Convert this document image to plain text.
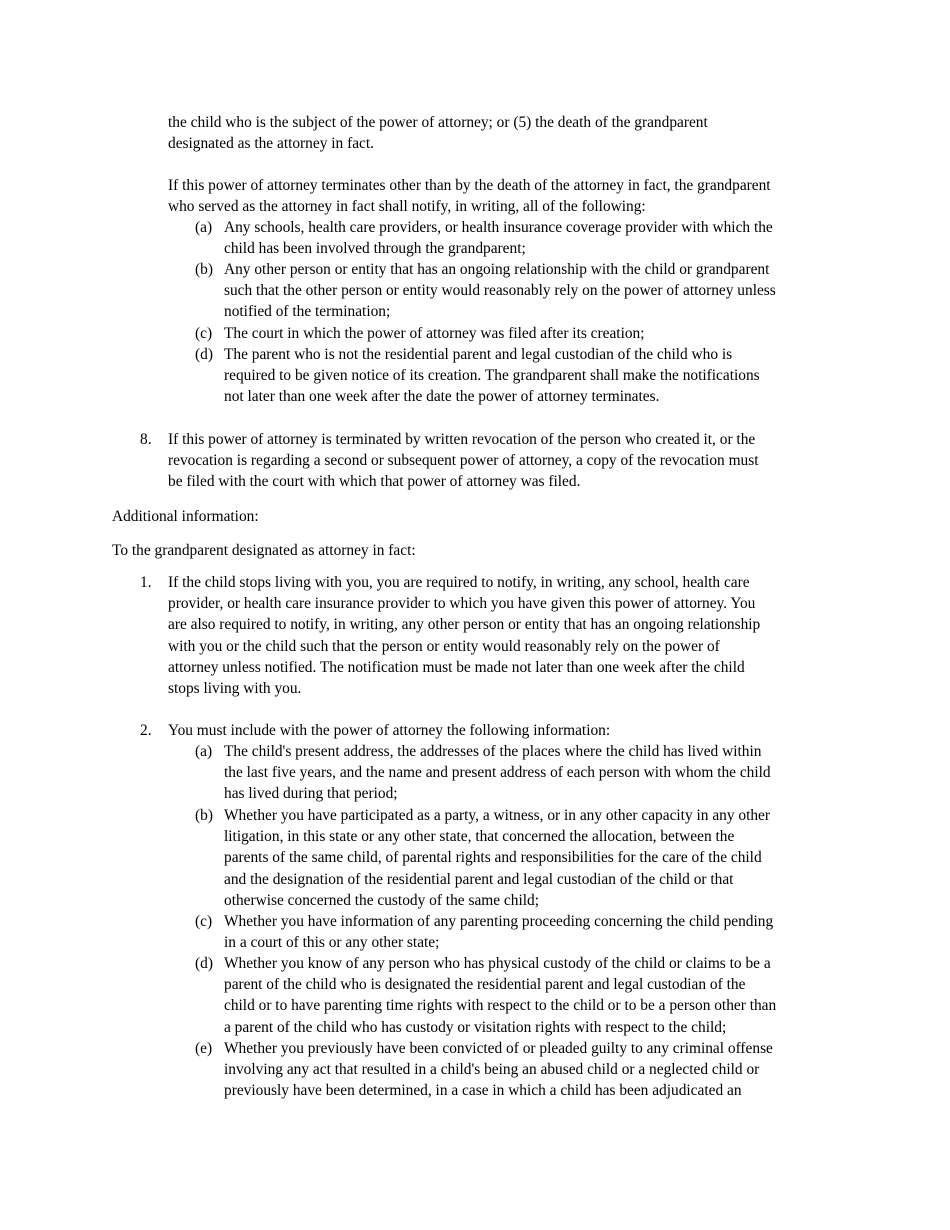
the child who is the subject of the power of attorney; or (5) the death of the grandparent
designated as the attorney in fact.

If this power of attorney terminates other than by the death of the attorney in fact, the grandparent
who served as the attorney in fact shall notify, in writing, all of the following:

(a) Any schools, health care providers, or health insurance coverage provider with which the
child has been involved through the grandparent;
(b) Any other person or entity that has an ongoing relationship with the child or grandparent
such that the other person or entity would reasonably rely on the power of attorney unless
notified of the termination;
(c) The court in which the power of attorney was filed after its creation;
(d) The parent who is not the residential parent and legal custodian of the child who is
required to be given notice of its creation. The grandparent shall make the notifications
not later than one week after the date the power of attorney terminates.
8. If this power of attorney is terminated by written revocation of the person who created it, or the
revocation is regarding a second or subsequent power of attorney, a copy of the revocation must
be filed with the court with which that power of attorney was filed.

Additional information:

To the grandparent designated as attorney in fact:

1. If the child stops living with you, you are required to notify, in writing, any school, health care
provider, or health care insurance provider to which you have given this power of attorney. You
are also required to notify, in writing, any other person or entity that has an ongoing relationship
with you or the child such that the person or entity would reasonably rely on the power of
attorney unless notified. The notification must be made not later than one week after the child
stops living with you.
2. You must include with the power of attorney the following information:
(a) The child's present address, the addresses of the places where the child has lived within
the last five years, and the name and present address of each person with whom the child
has lived during that period;
(b) Whether you have participated as a party, a witness, or in any other capacity in any other
litigation, in this state or any other state, that concerned the allocation, between the
parents of the same child, of parental rights and responsibilities for the care of the child
and the designation of the residential parent and legal custodian of the child or that
otherwise concerned the custody of the same child;
(c) Whether you have information of any parenting proceeding concerning the child pending
in a court of this or any other state;
(d) Whether you know of any person who has physical custody of the child or claims to be a
parent of the child who is designated the residential parent and legal custodian of the
child or to have parenting time rights with respect to the child or to be a person other than
a parent of the child who has custody or visitation rights with respect to the child;
(e) Whether you previously have been convicted of or pleaded guilty to any criminal offense
involving any act that resulted in a child's being an abused child or a neglected child or
previously have been determined, in a case in which a child has been adjudicated an
